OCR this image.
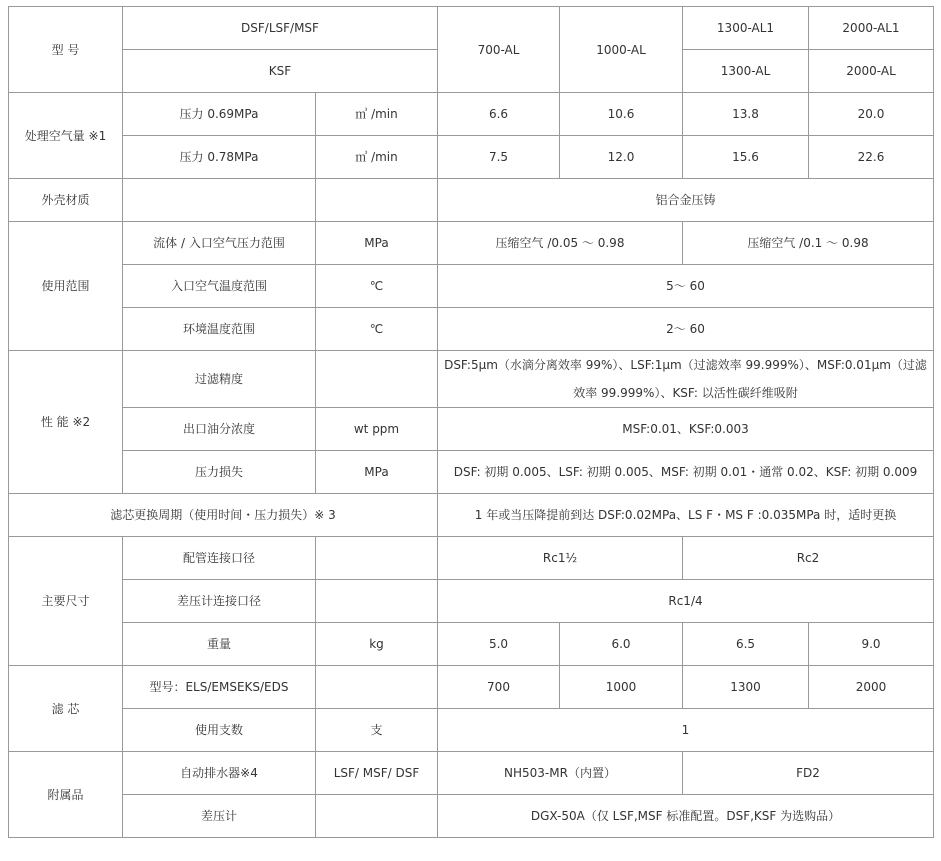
型 号	DSF/LSF/MSF		700-AL	1000-AL	1300-AL1	2000-AL1
	KSF				1300-AL	2000-AL
处理空气量 ※1	压力 0.69MPa	㎥ /min	6.6	10.6	13.8	20.0
	压力 0.78MPa	㎥ /min	7.5	12.0	15.6	22.6
外壳材质			铝合金压铸			
使用范围	流体 / 入口空气压力范围	MPa	压缩空气 /0.05 ～ 0.98		压缩空气 /0.1 ～ 0.98	
	入口空气温度范围	℃	5～ 60			
	环境温度范围	℃	2～ 60			
性 能 ※2	过滤精度		DSF:5μm（水滴分离效率 99%）、LSF:1μm（过滤效率 99.999%）、MSF:0.01μm（过滤效率 99.999%）、KSF: 以活性碳纤维吸附			
	出口油分浓度	wt ppm	MSF:0.01、KSF:0.003			
	压力损失	MPa	DSF: 初期 0.005、LSF: 初期 0.005、MSF: 初期 0.01・通常 0.02、KSF: 初期 0.009			
滤芯更换周期（使用时间・压力损失）※ 3			1 年或当压降提前到达 DSF:0.02MPa、LS F・MS F :0.035MPa 时，适时更换			
主要尺寸	配管连接口径		Rc1½		Rc2	
	差压计连接口径		Rc1/4			
	重量	kg	5.0	6.0	6.5	9.0
滤 芯	型号：ELS/EMSEKS/EDS		700	1000	1300	2000
	使用支数	支	1			
附属品	自动排水器※4	LSF/ MSF/ DSF	NH503-MR（内置）		FD2	
	差压计		DGX-50A（仅 LSF,MSF 标准配置。DSF,KSF 为选购品）			
